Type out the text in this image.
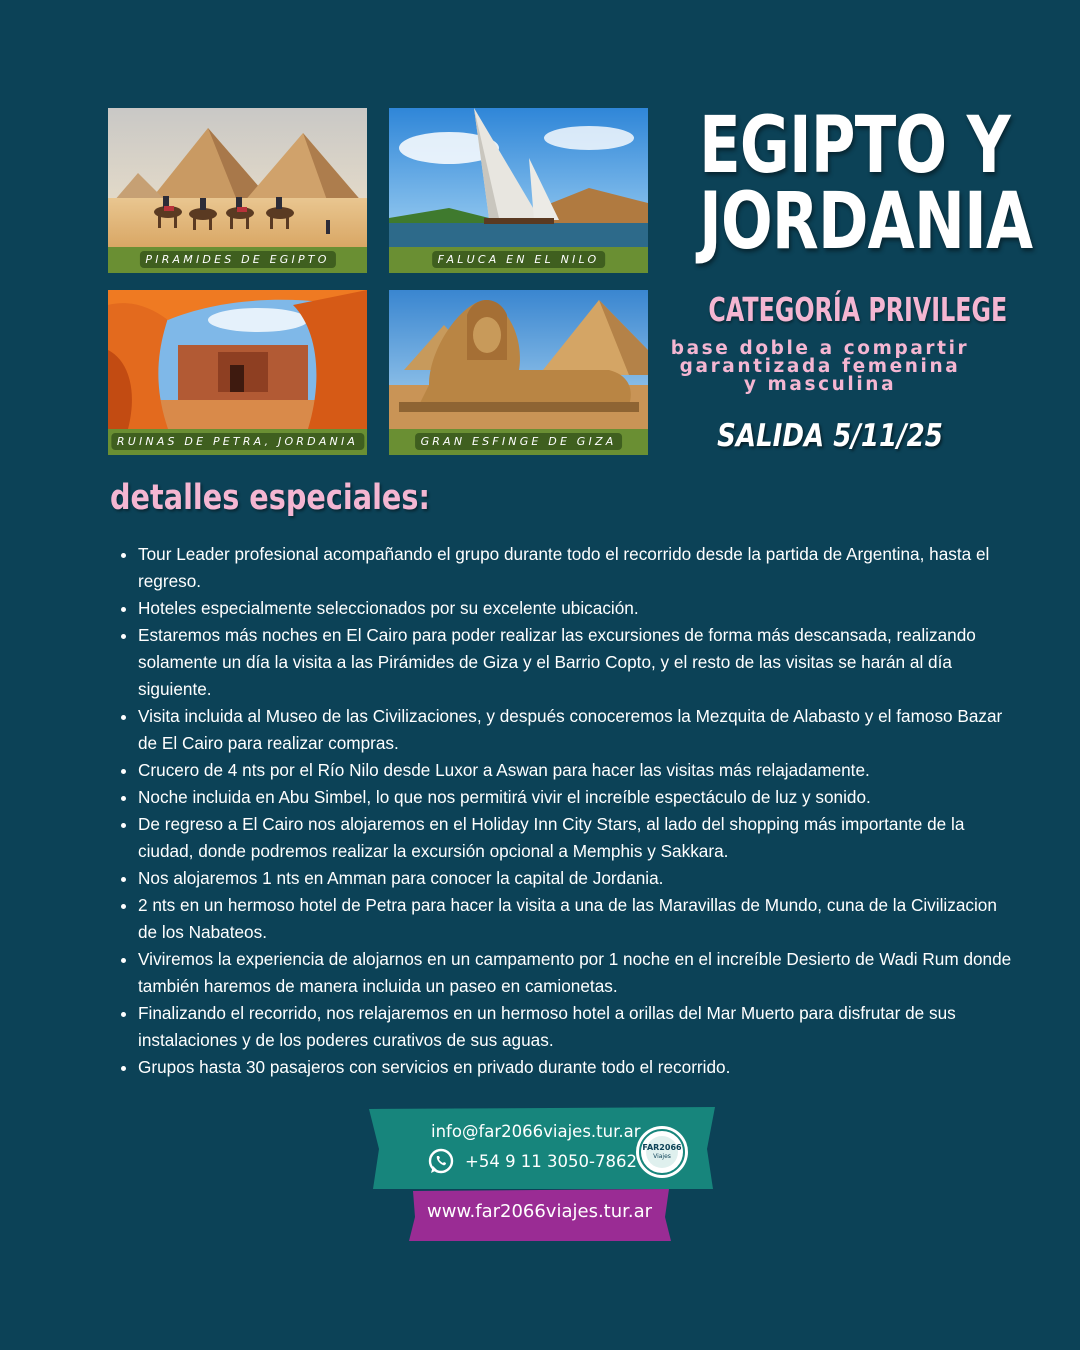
PIRAMIDES DE EGIPTO	FALUCA EN EL NILO
RUINAS DE PETRA, JORDANIA	GRAN ESFINGE DE GIZA
EGIPTO Y
JORDANIA
CATEGORÍA PRIVILEGE
base doble a compartir
garantizada femenina
y masculina
SALIDA 5/11/25
detalles especiales:
• Tour Leader profesional acompañando el grupo durante todo el recorrido desde la partida de Argentina, hasta el regreso.
• Hoteles especialmente seleccionados por su excelente ubicación.
• Estaremos más noches en El Cairo para poder realizar las excursiones de forma más descansada, realizando solamente un día la visita a las Pirámides de Giza y el Barrio Copto, y el resto de las visitas se harán al día siguiente.
• Visita incluida al Museo de las Civilizaciones, y después conoceremos la Mezquita de Alabasto y el famoso Bazar de El Cairo para realizar compras.
• Crucero de 4 nts por el Río Nilo desde Luxor a Aswan para hacer las visitas más relajadamente.
• Noche incluida en Abu Simbel, lo que nos permitirá vivir el increíble espectáculo de luz y sonido.
• De regreso a El Cairo nos alojaremos en el Holiday Inn City Stars, al lado del shopping más importante de la ciudad, donde podremos realizar la excursión opcional a Memphis y Sakkara.
• Nos alojaremos 1 nts en Amman para conocer la capital de Jordania.
• 2 nts en un hermoso hotel de Petra para hacer la visita a una de las Maravillas de Mundo, cuna de la Civilizacion de los Nabateos.
• Viviremos la experiencia de alojarnos en un campamento por 1 noche en el increíble Desierto de Wadi Rum donde también haremos de manera incluida un paseo en camionetas.
• Finalizando el recorrido, nos relajaremos en un hermoso hotel a orillas del Mar Muerto para disfrutar de sus instalaciones y de los poderes curativos de sus aguas.
• Grupos hasta 30 pasajeros con servicios en privado durante todo el recorrido.
info@far2066viajes.tur.ar
+54 9 11 3050-7862
FAR2066
Viajes
www.far2066viajes.tur.ar
